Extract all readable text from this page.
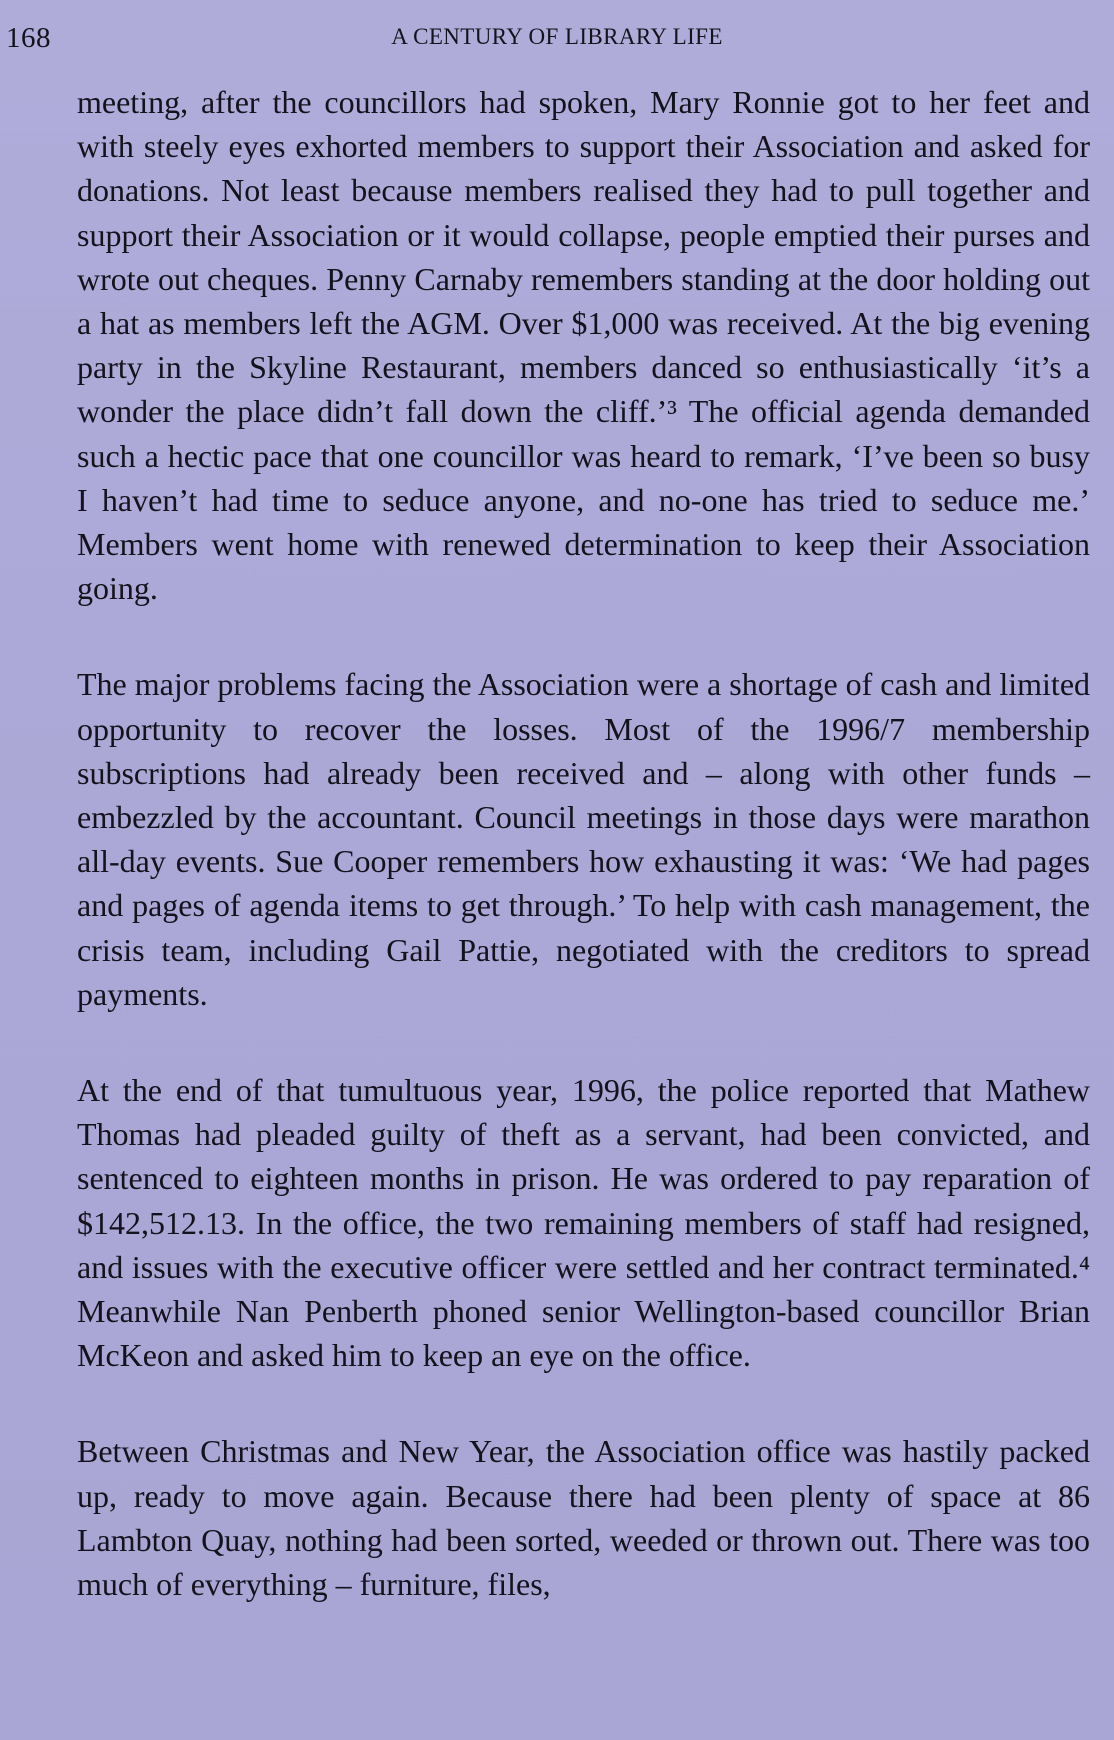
168	A CENTURY OF LIBRARY LIFE

meeting, after the councillors had spoken, Mary Ronnie got to her feet and with steely eyes exhorted members to support their Association and asked for donations. Not least because members realised they had to pull together and support their Association or it would collapse, people emptied their purses and wrote out cheques. Penny Carnaby remembers standing at the door holding out a hat as members left the AGM. Over $1,000 was received. At the big evening party in the Skyline Restaurant, members danced so enthusiastically ‘it’s a wonder the place didn’t fall down the cliff.’³ The official agenda demanded such a hectic pace that one councillor was heard to remark, ‘I’ve been so busy I haven’t had time to seduce anyone, and no-one has tried to seduce me.’ Members went home with renewed determination to keep their Association going.

The major problems facing the Association were a shortage of cash and limited opportunity to recover the losses. Most of the 1996/7 membership subscriptions had already been received and – along with other funds – embezzled by the accountant. Council meetings in those days were marathon all-day events. Sue Cooper remembers how exhausting it was: ‘We had pages and pages of agenda items to get through.’ To help with cash management, the crisis team, including Gail Pattie, negotiated with the creditors to spread payments.

At the end of that tumultuous year, 1996, the police reported that Mathew Thomas had pleaded guilty of theft as a servant, had been convicted, and sentenced to eighteen months in prison. He was ordered to pay reparation of $142,512.13. In the office, the two remaining members of staff had resigned, and issues with the executive officer were settled and her contract terminated.⁴ Meanwhile Nan Penberth phoned senior Wellington-based councillor Brian McKeon and asked him to keep an eye on the office.

Between Christmas and New Year, the Association office was hastily packed up, ready to move again. Because there had been plenty of space at 86 Lambton Quay, nothing had been sorted, weeded or thrown out. There was too much of everything – furniture, files,
